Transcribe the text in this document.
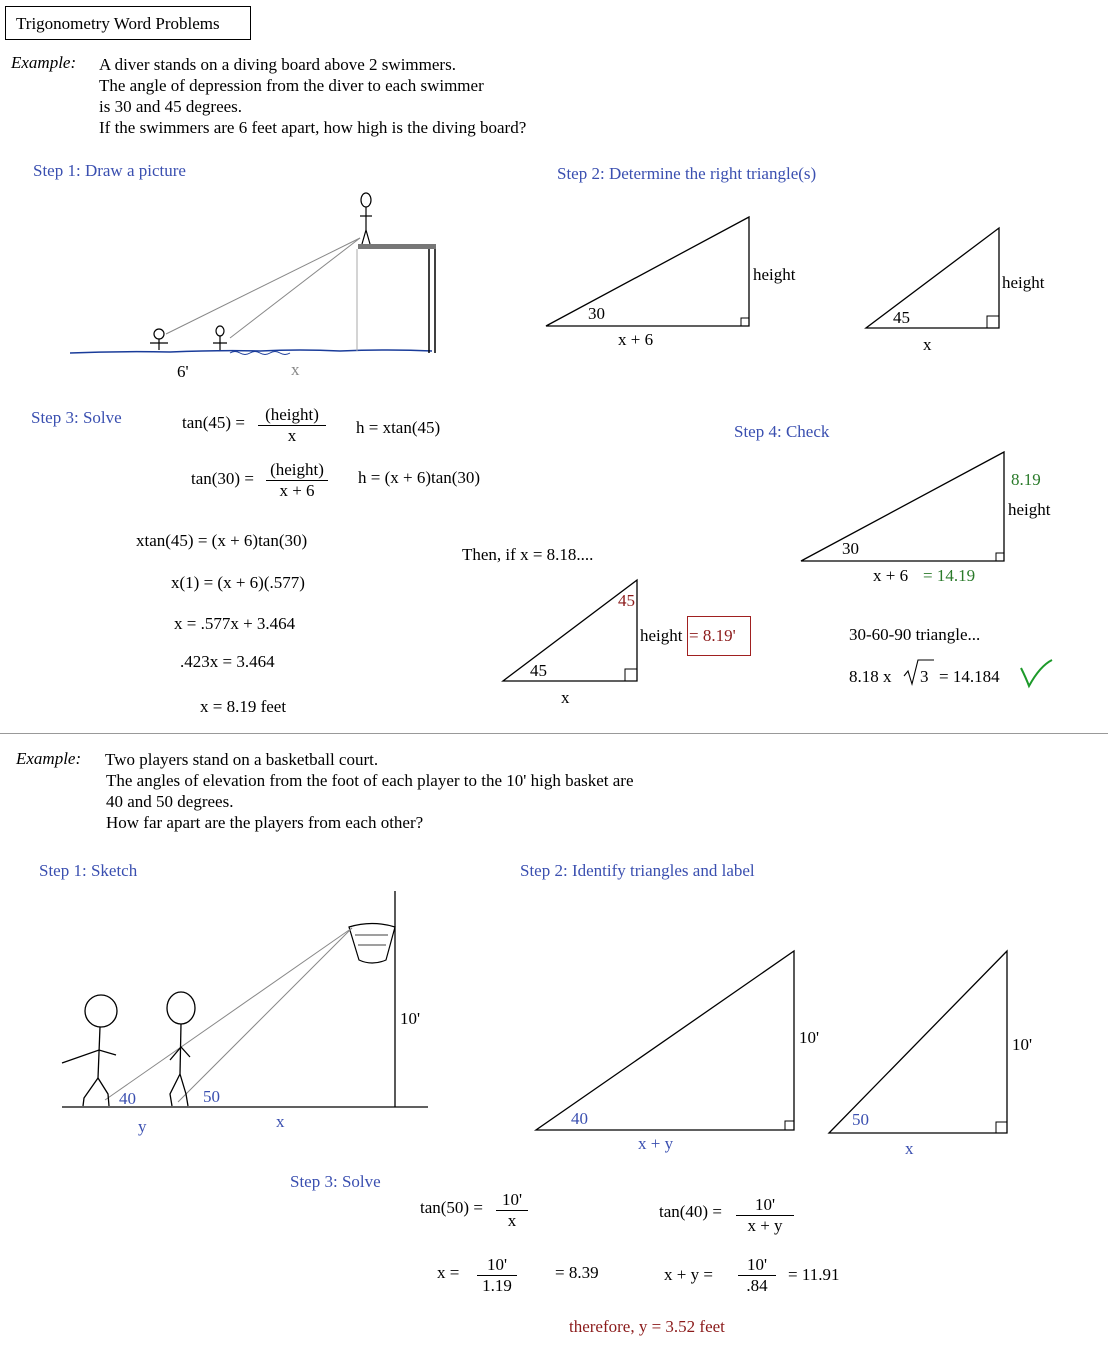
Trigonometry Word Problems
Example: A diver stands on a diving board above 2 swimmers.
The angle of depression from the diver to each swimmer
is 30 and 45 degrees.
If the swimmers are 6 feet apart, how high is the diving board?
Step 1: Draw a picture
6'	x
Step 2: Determine the right triangle(s)
30
height
x + 6
45
height
x
Step 3: Solve	tan(45) =	(height)
x	h = xtan(45)
tan(30) = (height)
x + 6
h = (x + 6)tan(30)
xtan(45) = (x + 6)tan(30)
x(1) = (x + 6)(.577)
x = .577x + 3.464
.423x = 3.464
x = 8.19 feet
Then, if x = 8.18....
45
45
height = 8.19'
x
Step 4: Check
8.19
height
30
x + 6 = 14.19
30-60-90 triangle...
8.18 x 3 = 14.184
Example: Two players stand on a basketball court.
The angles of elevation from the foot of each player to the 10' high basket are
40 and 50 degrees.
How far apart are the players from each other?
Step 1: Sketch
10'
40	50
y	x
Step 2: Identify triangles and label
40
10'
x + y
50
10'
x
Step 3: Solve
$\tan(50) = \frac{10'}{x}$	$\tan(40) = \frac{10'}{x + y}$
$x = \frac{10'}{1.19} = 8.39$	$x + y = \frac{10'}{.84} = 11.91$
therefore, y = 3.52 feet
